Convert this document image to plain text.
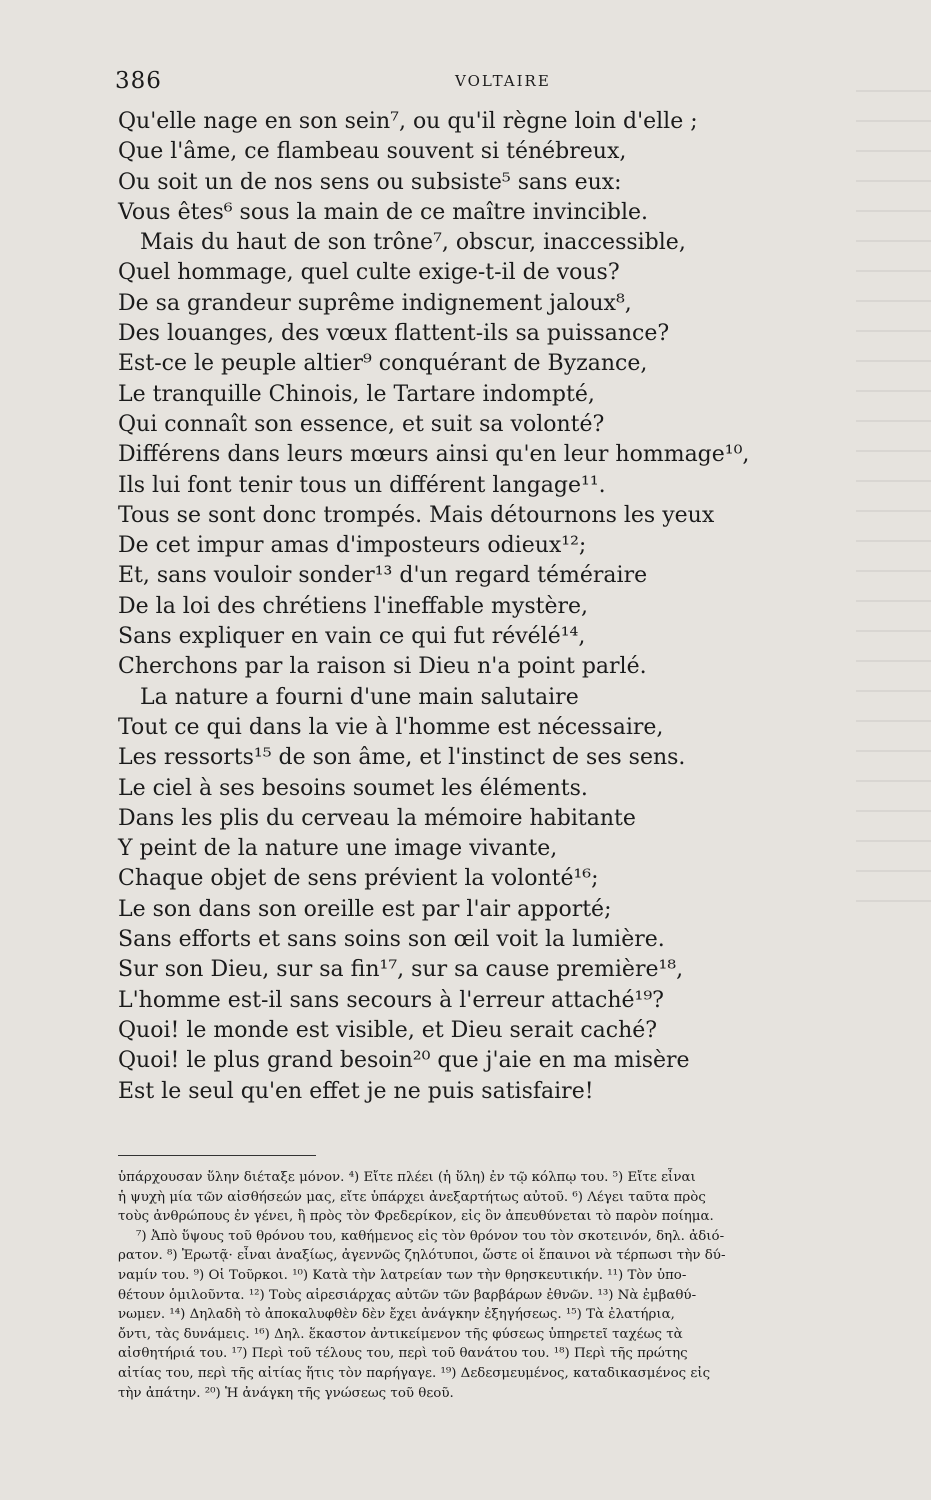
386	VOLTAIRE
Qu'elle nage en son sein⁷, ou qu'il règne loin d'elle ;
Que l'âme, ce flambeau souvent si ténébreux,
Ou soit un de nos sens ou subsiste⁵ sans eux:
Vous êtes⁶ sous la main de ce maître invincible.
Mais du haut de son trône⁷, obscur, inaccessible,
Quel hommage, quel culte exige-t-il de vous?
De sa grandeur suprême indignement jaloux⁸,
Des louanges, des vœux flattent-ils sa puissance?
Est-ce le peuple altier⁹ conquérant de Byzance,
Le tranquille Chinois, le Tartare indompté,
Qui connaît son essence, et suit sa volonté?
Différens dans leurs mœurs ainsi qu'en leur hommage¹⁰,
Ils lui font tenir tous un différent langage¹¹.
Tous se sont donc trompés. Mais détournons les yeux
De cet impur amas d'imposteurs odieux¹²;
Et, sans vouloir sonder¹³ d'un regard téméraire
De la loi des chrétiens l'ineffable mystère,
Sans expliquer en vain ce qui fut révélé¹⁴,
Cherchons par la raison si Dieu n'a point parlé.
La nature a fourni d'une main salutaire
Tout ce qui dans la vie à l'homme est nécessaire,
Les ressorts¹⁵ de son âme, et l'instinct de ses sens.
Le ciel à ses besoins soumet les éléments.
Dans les plis du cerveau la mémoire habitante
Y peint de la nature une image vivante,
Chaque objet de sens prévient la volonté¹⁶;
Le son dans son oreille est par l'air apporté;
Sans efforts et sans soins son œil voit la lumière.
Sur son Dieu, sur sa fin¹⁷, sur sa cause première¹⁸,
L'homme est-il sans secours à l'erreur attaché¹⁹?
Quoi! le monde est visible, et Dieu serait caché?
Quoi! le plus grand besoin²⁰ que j'aie en ma misère
Est le seul qu'en effet je ne puis satisfaire!
ὑπάρχουσαν ὕλην διέταξε μόνον. ⁴) Εἴτε πλέει (ἡ ὕλη) ἐν τῷ κόλπῳ του. ⁵) Εἴτε εἶναι
ἡ ψυχὴ μία τῶν αἰσθήσεών μας, εἴτε ὑπάρχει ἀνεξαρτήτως αὐτοῦ. ⁶) Λέγει ταῦτα πρὸς
τοὺς ἀνθρώπους ἐν γένει, ἢ πρὸς τὸν Φρεδερίκον, εἰς ὃν ἀπευθύνεται τὸ παρὸν ποίημα.
⁷) Ἀπὸ ὕψους τοῦ θρόνου του, καθήμενος εἰς τὸν θρόνον του τὸν σκοτεινόν, δηλ. ἀδιό-
ρατον. ⁸) Ἐρωτᾷ· εἶναι ἀναξίως, ἀγεννῶς ζηλότυποι, ὥστε οἱ ἔπαινοι νὰ τέρπωσι τὴν δύ-
ναμίν του. ⁹) Οἱ Τοῦρκοι. ¹⁰) Κατὰ τὴν λατρείαν των τὴν θρησκευτικήν. ¹¹) Τὸν ὑπο-
θέτουν ὁμιλοῦντα. ¹²) Τοὺς αἱρεσιάρχας αὐτῶν τῶν βαρβάρων ἐθνῶν. ¹³) Νὰ ἐμβαθύ-
νωμεν. ¹⁴) Δηλαδὴ τὸ ἀποκαλυφθὲν δὲν ἔχει ἀνάγκην ἐξηγήσεως. ¹⁵) Τὰ ἐλατήρια,
ὄντι, τὰς δυνάμεις. ¹⁶) Δηλ. ἕκαστον ἀντικείμενον τῆς φύσεως ὑπηρετεῖ ταχέως τὰ
αἰσθητήριά του. ¹⁷) Περὶ τοῦ τέλους του, περὶ τοῦ θανάτου του. ¹⁸) Περὶ τῆς πρώτης
αἰτίας του, περὶ τῆς αἰτίας ἥτις τὸν παρήγαγε. ¹⁹) Δεδεσμευμένος, καταδικασμένος εἰς
τὴν ἀπάτην. ²⁰) Ἡ ἀνάγκη τῆς γνώσεως τοῦ θεοῦ.
